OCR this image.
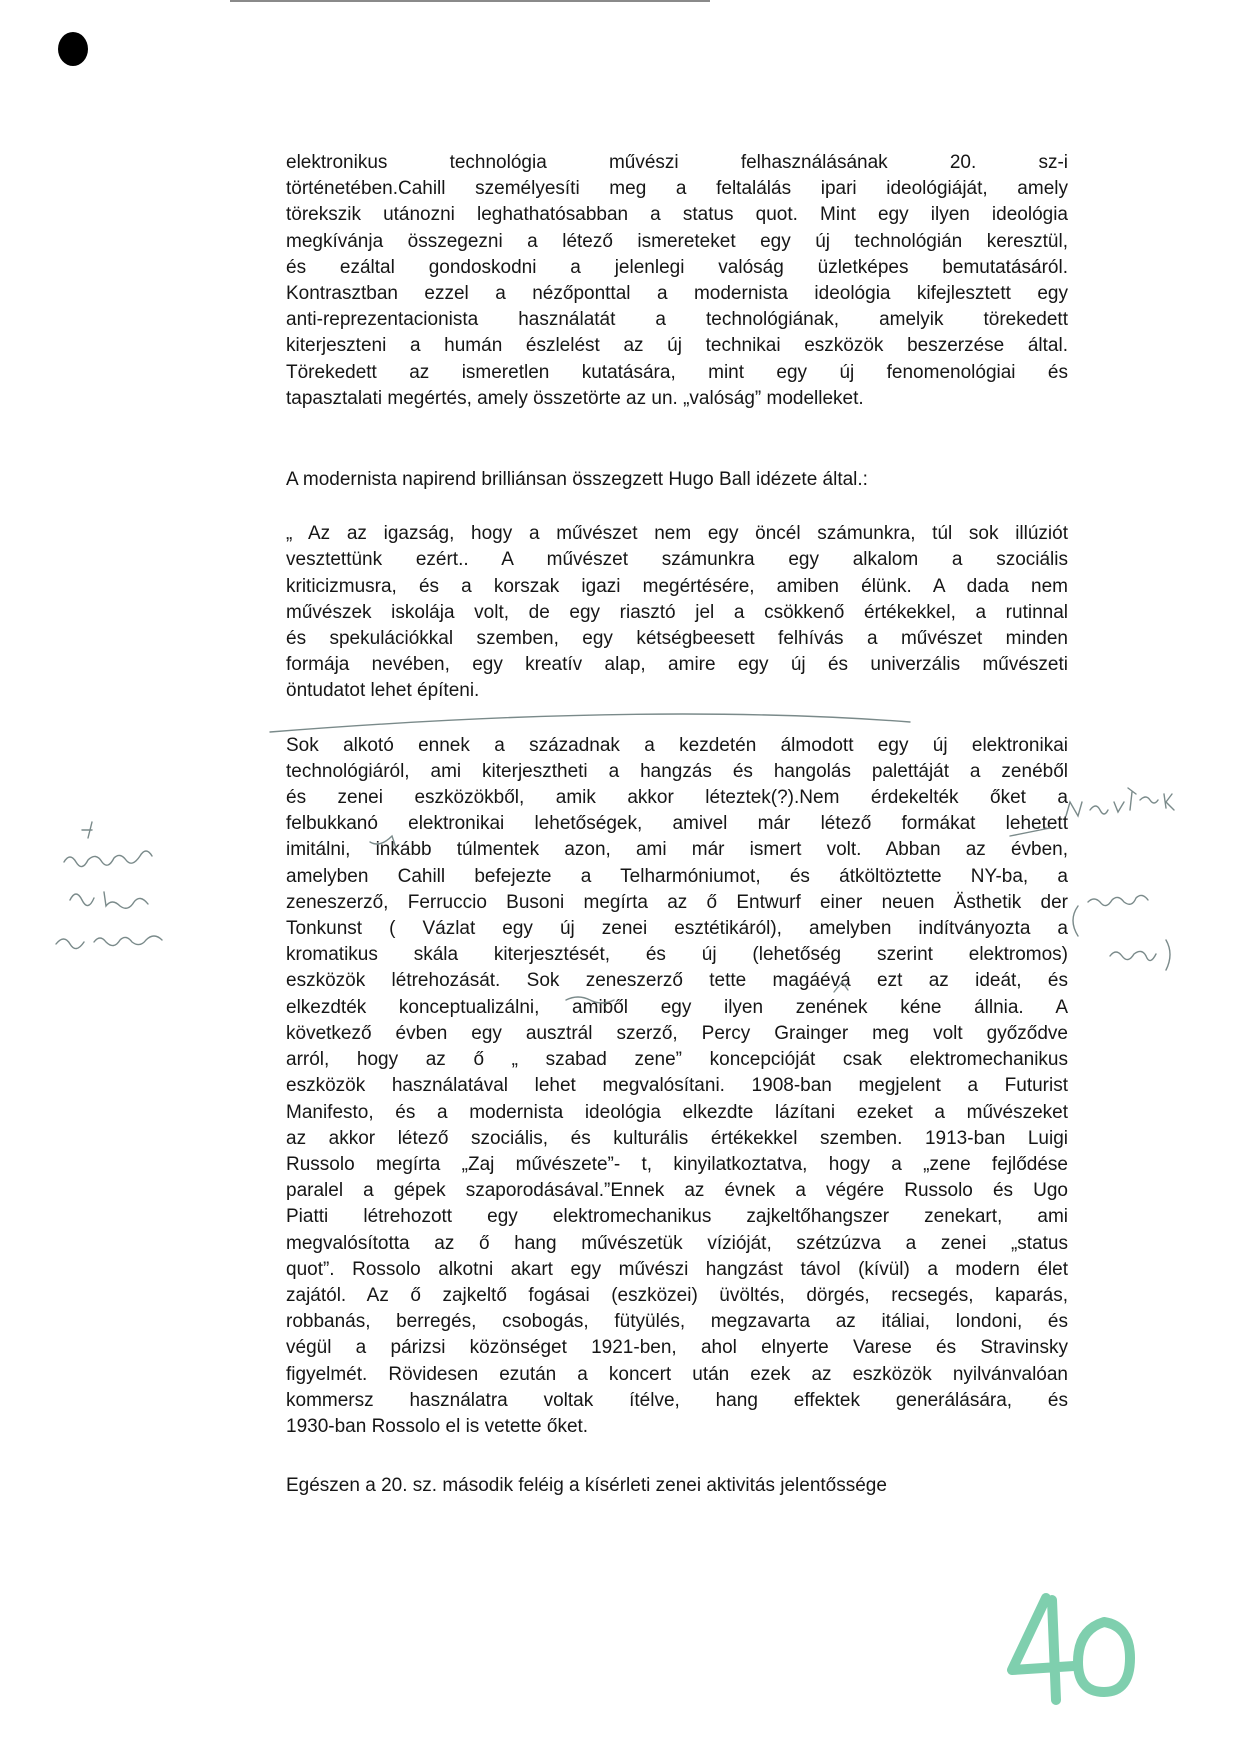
elektronikus technológia művészi felhasználásának 20. sz-i
történetében.Cahill személyesíti meg a feltalálás ipari ideológiáját, amely
törekszik utánozni leghathatósabban a status quot. Mint egy ilyen ideológia
megkívánja összegezni a létező ismereteket egy új technológián keresztül,
és ezáltal gondoskodni a jelenlegi valóság üzletképes bemutatásáról.
Kontrasztban ezzel a nézőponttal a modernista ideológia kifejlesztett egy
anti-reprezentacionista használatát a technológiának, amelyik törekedett
kiterjeszteni a humán észlelést az új technikai eszközök beszerzése által.
Törekedett az ismeretlen kutatására, mint egy új fenomenológiai és
tapasztalati megértés, amely összetörte az un. „valóság” modelleket.
A modernista napirend brilliánsan összegzett Hugo Ball idézete által.:
„ Az az igazság, hogy a művészet nem egy öncél számunkra, túl sok illúziót
vesztettünk ezért.. A művészet számunkra egy alkalom a szociális
kriticizmusra, és a korszak igazi megértésére, amiben élünk. A dada nem
művészek iskolája volt, de egy riasztó jel a csökkenő értékekkel, a rutinnal
és spekulációkkal szemben, egy kétségbeesett felhívás a művészet minden
formája nevében, egy kreatív alap, amire egy új és univerzális művészeti
öntudatot lehet építeni.
Sok alkotó ennek a századnak a kezdetén álmodott egy új elektronikai
technológiáról, ami kiterjesztheti a hangzás és hangolás palettáját a zenéből
és zenei eszközökből, amik akkor léteztek(?).Nem érdekelték őket a
felbukkanó elektronikai lehetőségek, amivel már létező formákat lehetett
imitálni, inkább túlmentek azon, ami már ismert volt. Abban az évben,
amelyben Cahill befejezte a Telharmóniumot, és átköltöztette NY-ba, a
zeneszerző, Ferruccio Busoni megírta az ő Entwurf einer neuen Ästhetik der
Tonkunst ( Vázlat egy új zenei esztétikáról), amelyben indítványozta a
kromatikus skála kiterjesztését, és új (lehetőség szerint elektromos)
eszközök létrehozását. Sok zeneszerző tette magáévá ezt az ideát, és
elkezdték konceptualizálni, amiből egy ilyen zenének kéne állnia. A
következő évben egy ausztrál szerző, Percy Grainger meg volt győződve
arról, hogy az ő „ szabad zene” koncepcióját csak elektromechanikus
eszközök használatával lehet megvalósítani. 1908-ban megjelent a Futurist
Manifesto, és a modernista ideológia elkezdte lázítani ezeket a művészeket
az akkor létező szociális, és kulturális értékekkel szemben. 1913-ban Luigi
Russolo megírta „Zaj művészete”- t, kinyilatkoztatva, hogy a „zene fejlődése
paralel a gépek szaporodásával.”Ennek az évnek a végére Russolo és Ugo
Piatti létrehozott egy elektromechanikus zajkeltőhangszer zenekart, ami
megvalósította az ő hang művészetük vízióját, szétzúzva a zenei „status
quot”. Rossolo alkotni akart egy művészi hangzást távol (kívül) a modern élet
zajától. Az ő zajkeltő fogásai (eszközei) üvöltés, dörgés, recsegés, kaparás,
robbanás, berregés, csobogás, fütyülés, megzavarta az itáliai, londoni, és
végül a párizsi közönséget 1921-ben, ahol elnyerte Varese és Stravinsky
figyelmét. Rövidesen ezután a koncert után ezek az eszközök nyilvánvalóan
kommersz használatra voltak ítélve, hang effektek generálására, és
1930-ban Rossolo el is vetette őket.
Egészen a 20. sz. második feléig a kísérleti zenei aktivitás jelentőssége
